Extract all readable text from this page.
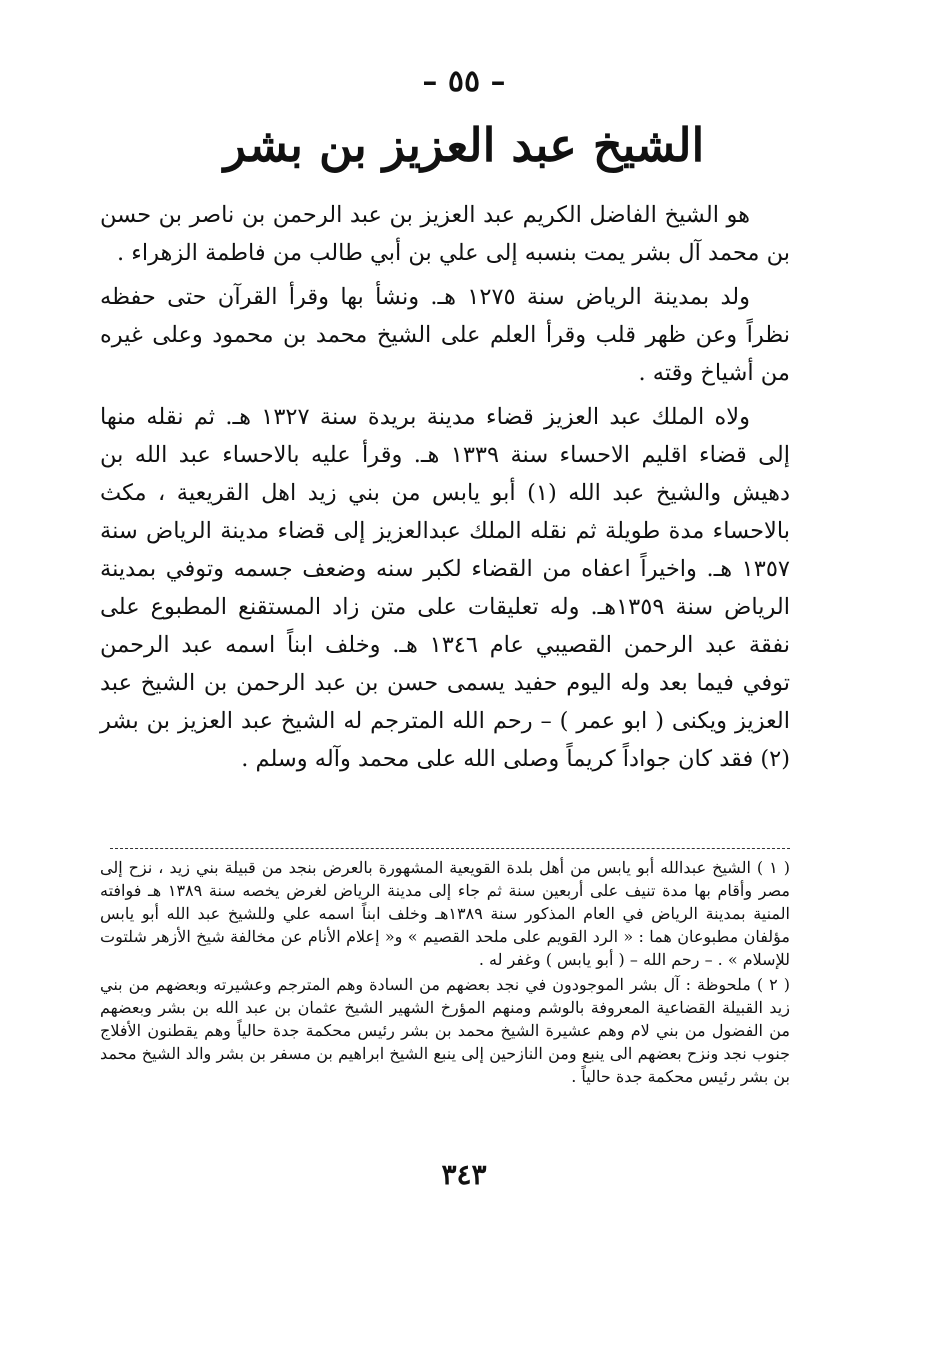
– ٥٥ –
الشيخ عبد العزيز بن بشر

هو الشيخ الفاضل الكريم عبد العزيز بن عبد الرحمن بن ناصر بن حسن بن محمد آل بشر يمت بنسبه إلى علي بن أبي طالب من فاطمة الزهراء .

ولد بمدينة الرياض سنة ١٢٧٥ هـ. ونشأ بها وقرأ القرآن حتى حفظه نظراً وعن ظهر قلب وقرأ العلم على الشيخ محمد بن محمود وعلى غيره من أشياخ وقته .

ولاه الملك عبد العزيز قضاء مدينة بريدة سنة ١٣٢٧ هـ. ثم نقله منها إلى قضاء اقليم الاحساء سنة ١٣٣٩ هـ. وقرأ عليه بالاحساء عبد الله بن دهيش والشيخ عبد الله (١) أبو يابس من بني زيد اهل القريعية ، مكث بالاحساء مدة طويلة ثم نقله الملك عبدالعزيز إلى قضاء مدينة الرياض سنة ١٣٥٧ هـ. واخيراً اعفاه من القضاء لكبر سنه وضعف جسمه وتوفي بمدينة الرياض سنة ١٣٥٩هـ. وله تعليقات على متن زاد المستقنع المطبوع على نفقة عبد الرحمن القصيبي عام ١٣٤٦ هـ. وخلف ابناً اسمه عبد الرحمن توفي فيما بعد وله اليوم حفيد يسمى حسن بن عبد الرحمن بن الشيخ عبد العزيز ويكنى ( ابو عمر ) – رحم الله المترجم له الشيخ عبد العزيز بن بشر (٢) فقد كان جواداً كريماً وصلى الله على محمد وآله وسلم .

( ١ ) الشيخ عبدالله أبو يابس من أهل بلدة القويعية المشهورة بالعرض بنجد من قبيلة بني زيد ، نزح إلى مصر وأقام بها مدة تنيف على أربعين سنة ثم جاء إلى مدينة الرياض لغرض يخصه سنة ١٣٨٩ هـ فوافته المنية بمدينة الرياض في العام المذكور سنة ١٣٨٩هـ وخلف ابناً اسمه علي وللشيخ عبد الله أبو يابس مؤلفان مطبوعان هما : « الرد القويم على ملحد القصيم » و« إعلام الأنام عن مخالفة شيخ الأزهر شلتوت للإسلام » . – رحم الله – ( أبو يابس ) وغفر له .

( ٢ ) ملحوظة : آل بشر الموجودون في نجد بعضهم من السادة وهم المترجم وعشيرته وبعضهم من بني زيد القبيلة القضاعية المعروفة بالوشم ومنهم المؤرخ الشهير الشيخ عثمان بن عبد الله بن بشر وبعضهم من الفضول من بني لام وهم عشيرة الشيخ محمد بن بشر رئيس محكمة جدة حالياً وهم يقطنون الأفلاج جنوب نجد ونزح بعضهم الى ينبع ومن النازحين إلى ينبع الشيخ ابراهيم بن مسفر بن بشر والد الشيخ محمد بن بشر رئيس محكمة جدة حالياً .

٣٤٣
